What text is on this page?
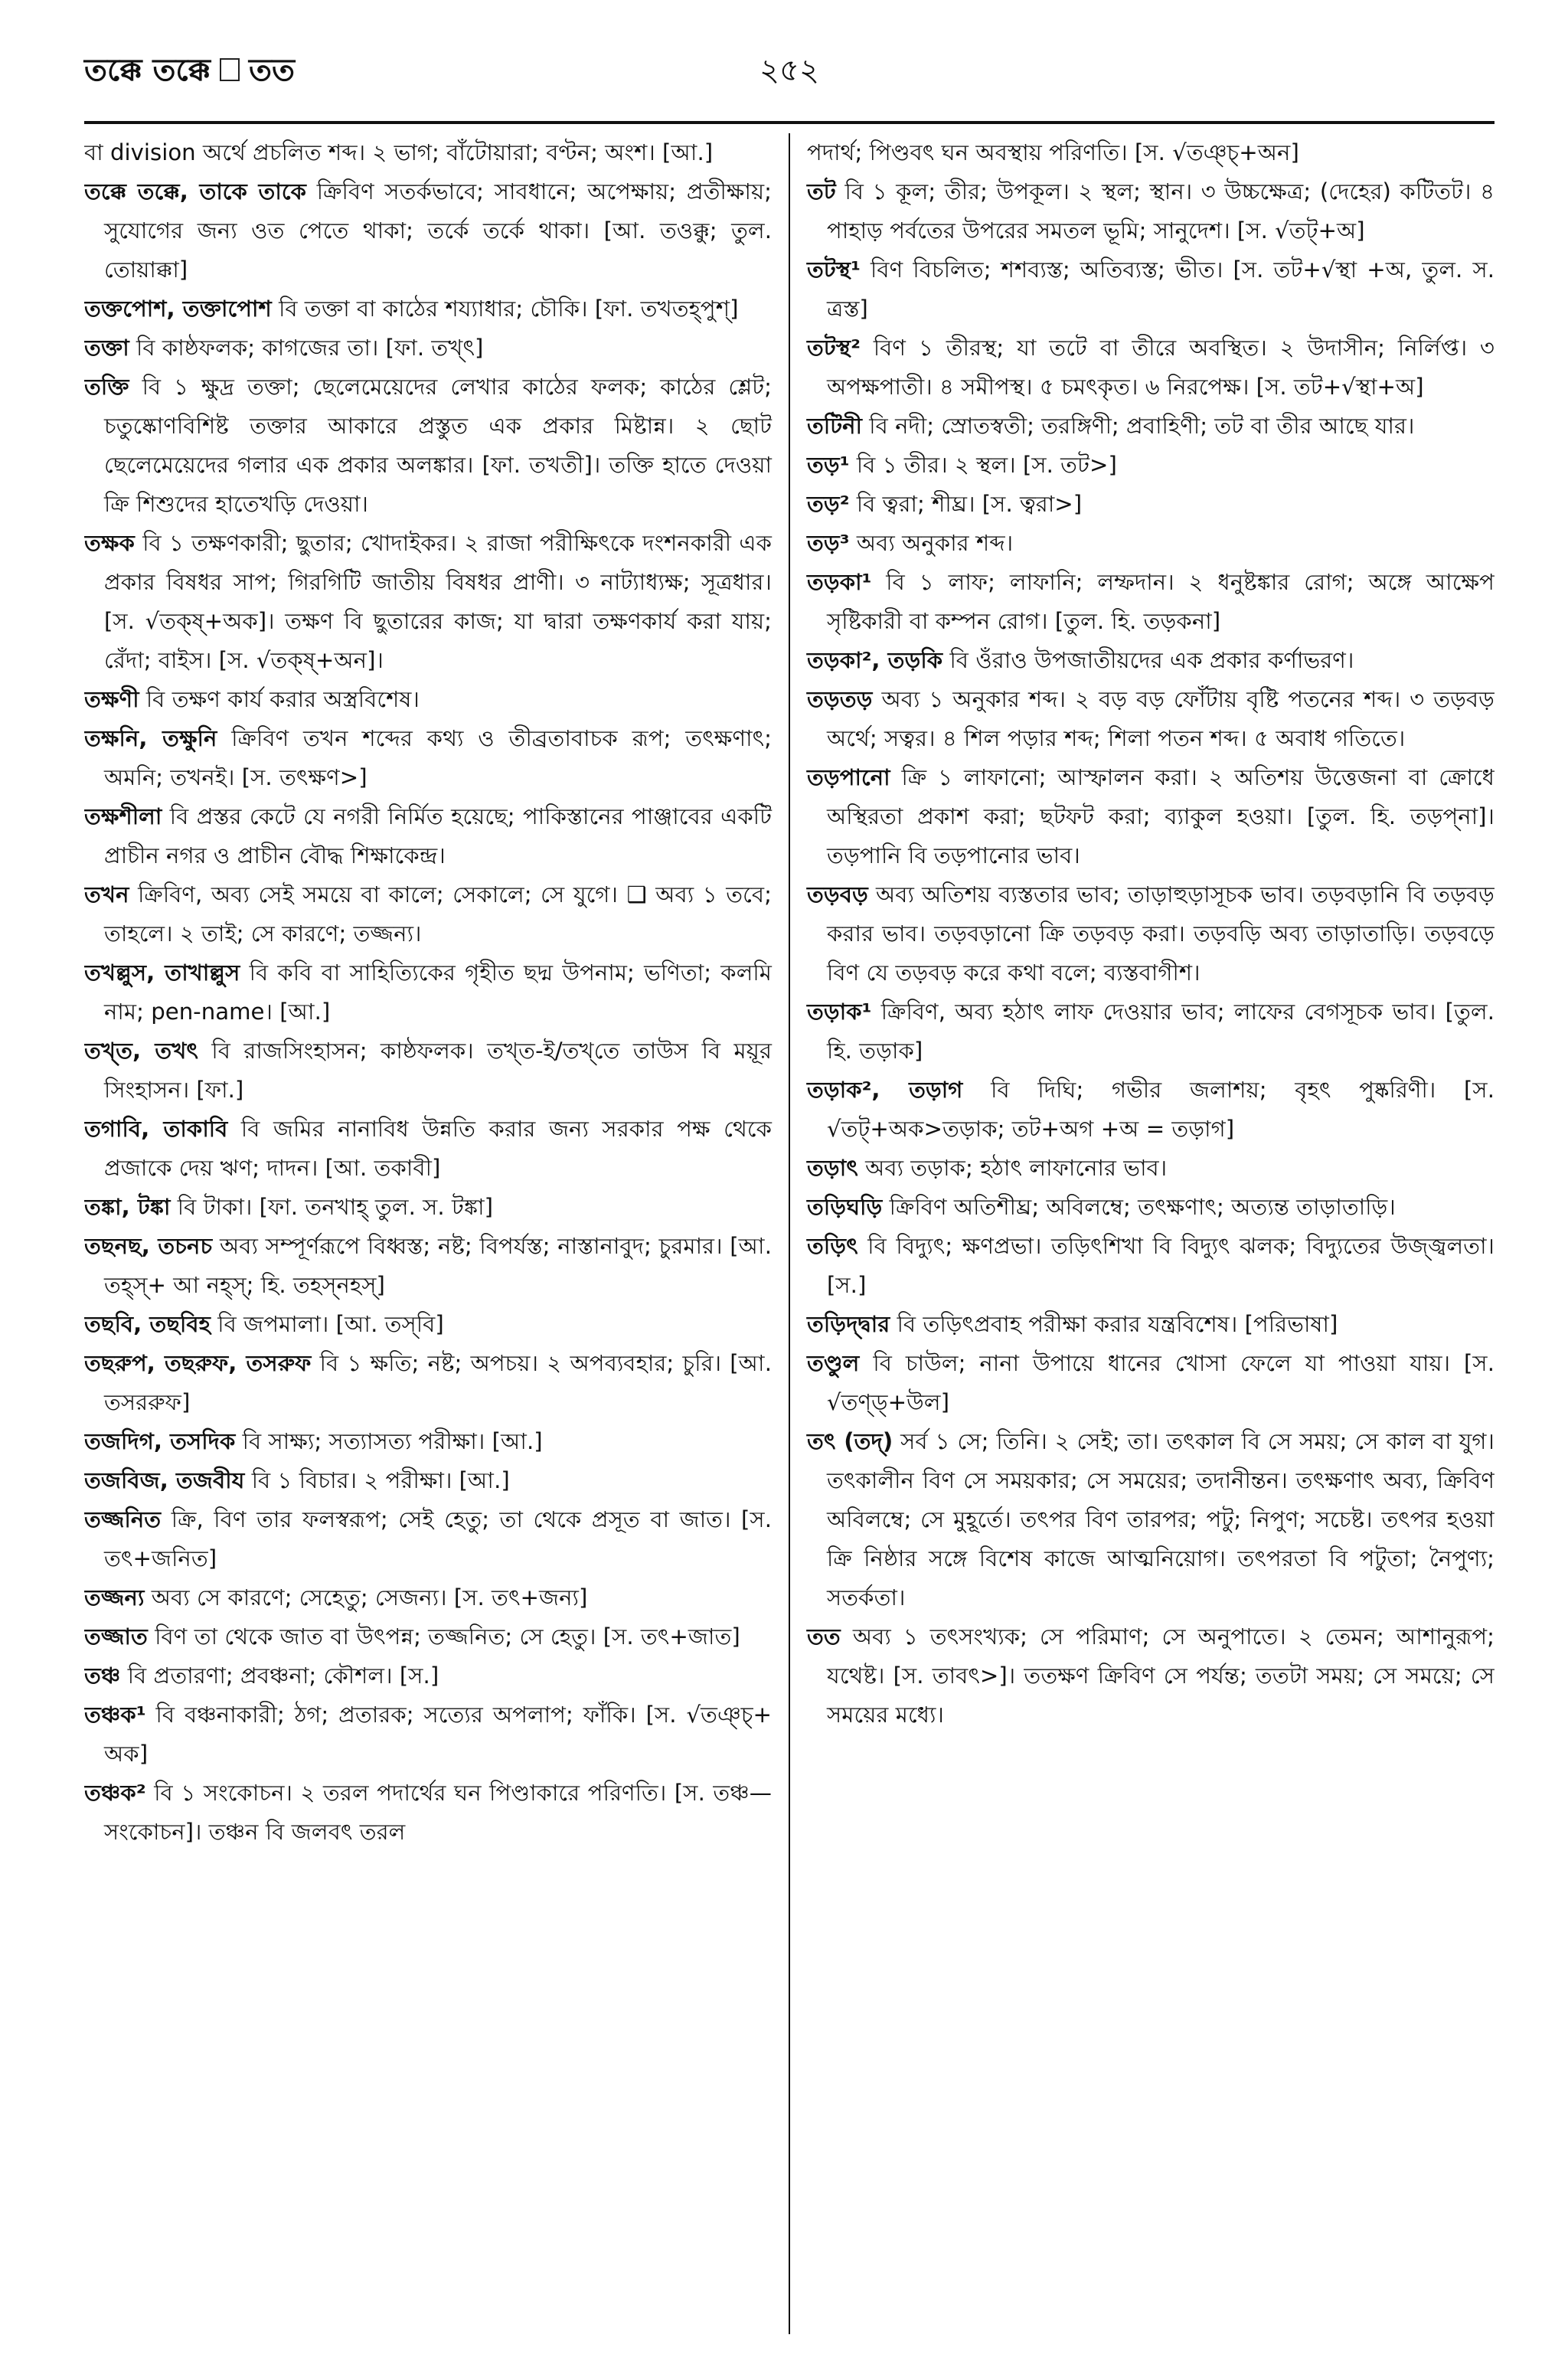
তক্কে তক্কে তত	২৫২

বা division অর্থে প্রচলিত শব্দ। ২ ভাগ; বাঁটোয়ারা; বণ্টন; অংশ। [আ.]

তক্কে তক্কে, তাকে তাকে ক্রিবিণ সতর্কভাবে; সাবধানে; অপেক্ষায়; প্রতীক্ষায়; সুযোগের জন্য ওত পেতে থাকা; তর্কে তর্কে থাকা। [আ. তওক্কু; তুল. তোয়াক্কা]

তক্তপোশ, তক্তাপোশ বি তক্তা বা কাঠের শয্যাধার; চৌকি। [ফা. তখতহ্‌পুশ্‌]

তক্তা বি কাষ্ঠফলক; কাগজের তা। [ফা. তখ্‌ৎ]

তক্তি বি ১ ক্ষুদ্র তক্তা; ছেলেমেয়েদের লেখার কাঠের ফলক; কাঠের শ্লেট; চতুষ্কোণবিশিষ্ট তক্তার আকারে প্রস্তুত এক প্রকার মিষ্টান্ন। ২ ছোট ছেলেমেয়েদের গলার এক প্রকার অলঙ্কার। [ফা. তখতী]। তক্তি হাতে দেওয়া ক্রি শিশুদের হাতেখড়ি দেওয়া।

তক্ষক বি ১ তক্ষণকারী; ছুতার; খোদাইকর। ২ রাজা পরীক্ষিৎকে দংশনকারী এক প্রকার বিষধর সাপ; গিরগিটি জাতীয় বিষধর প্রাণী। ৩ নাট্যাধ্যক্ষ; সূত্রধার। [স. √তক্ষ্‌+অক]। তক্ষণ বি ছুতারের কাজ; যা দ্বারা তক্ষণকার্য করা যায়; রেঁদা; বাইস। [স. √তক্ষ্‌+অন]।

তক্ষণী বি তক্ষণ কার্য করার অস্ত্রবিশেষ।

তক্ষনি, তক্ষুনি ক্রিবিণ তখন শব্দের কথ্য ও তীব্রতাবাচক রূপ; তৎক্ষণাৎ; অমনি; তখনই। [স. তৎক্ষণ>]

তক্ষশীলা বি প্রস্তর কেটে যে নগরী নির্মিত হয়েছে; পাকিস্তানের পাঞ্জাবের একটি প্রাচীন নগর ও প্রাচীন বৌদ্ধ শিক্ষাকেন্দ্র।

তখন ক্রিবিণ, অব্য সেই সময়ে বা কালে; সেকালে; সে যুগে। ❑ অব্য ১ তবে; তাহলে। ২ তাই; সে কারণে; তজ্জন্য।

তখল্লুস, তাখাল্লুস বি কবি বা সাহিত্যিকের গৃহীত ছদ্ম উপনাম; ভণিতা; কলমি নাম; pen-name। [আ.]

তখ্‌ত, তখৎ বি রাজসিংহাসন; কাষ্ঠফলক। তখ্‌ত-ই/তখ্‌তে তাউস বি ময়ূর সিংহাসন। [ফা.]

তগাবি, তাকাবি বি জমির নানাবিধ উন্নতি করার জন্য সরকার পক্ষ থেকে প্রজাকে দেয় ঋণ; দাদন। [আ. তকাবী]

তঙ্কা, টঙ্কা বি টাকা। [ফা. তনখাহ্‌ তুল. স. টঙ্কা]

তছনছ, তচনচ অব্য সম্পূর্ণরূপে বিধ্বস্ত; নষ্ট; বিপর্যস্ত; নাস্তানাবুদ; চুরমার। [আ. তহ্‌স্‌+ আ নহ্‌স্‌; হি. তহস্‌নহস্‌]

তছবি, তছবিহ বি জপমালা। [আ. তস্‌বি]

তছরুপ, তছরুফ, তসরুফ বি ১ ক্ষতি; নষ্ট; অপচয়। ২ অপব্যবহার; চুরি। [আ. তসররুফ]

তজদিগ, তসদিক বি সাক্ষ্য; সত্যাসত্য পরীক্ষা। [আ.]

তজবিজ, তজবীয বি ১ বিচার। ২ পরীক্ষা। [আ.]

তজ্জনিত ক্রি, বিণ তার ফলস্বরূপ; সেই হেতু; তা থেকে প্রসূত বা জাত। [স. তৎ+জনিত]

তজ্জন্য অব্য সে কারণে; সেহেতু; সেজন্য। [স. তৎ+জন্য]

তজ্জাত বিণ তা থেকে জাত বা উৎপন্ন; তজ্জনিত; সে হেতু। [স. তৎ+জাত]

তঞ্চ বি প্রতারণা; প্রবঞ্চনা; কৌশল। [স.]

তঞ্চক¹ বি বঞ্চনাকারী; ঠগ; প্রতারক; সত্যের অপলাপ; ফাঁকি। [স. √তঞ্চ্‌+ অক]

তঞ্চক² বি ১ সংকোচন। ২ তরল পদার্থের ঘন পিণ্ডাকারে পরিণতি। [স. তঞ্চ—সংকোচন]। তঞ্চন বি জলবৎ তরল

পদার্থ; পিণ্ডবৎ ঘন অবস্থায় পরিণতি। [স. √তঞ্চ্‌+অন]

তট বি ১ কূল; তীর; উপকূল। ২ স্থল; স্থান। ৩ উচ্চক্ষেত্র; (দেহের) কটিতট। ৪ পাহাড় পর্বতের উপরের সমতল ভূমি; সানুদেশ। [স. √তট্‌+অ]

তটস্থ¹ বিণ বিচলিত; শশব্যস্ত; অতিব্যস্ত; ভীত। [স. তট+√স্থা +অ, তুল. স. ত্রস্ত]

তটস্থ² বিণ ১ তীরস্থ; যা তটে বা তীরে অবস্থিত। ২ উদাসীন; নির্লিপ্ত। ৩ অপক্ষপাতী। ৪ সমীপস্থ। ৫ চমৎকৃত। ৬ নিরপেক্ষ। [স. তট+√স্থা+অ]

তটিনী বি নদী; স্রোতস্বতী; তরঙ্গিণী; প্রবাহিণী; তট বা তীর আছে যার।

তড়¹ বি ১ তীর। ২ স্থল। [স. তট>]

তড়² বি ত্বরা; শীঘ্র। [স. ত্বরা>]

তড়³ অব্য অনুকার শব্দ।

তড়কা¹ বি ১ লাফ; লাফানি; লম্ফদান। ২ ধনুষ্টঙ্কার রোগ; অঙ্গে আক্ষেপ সৃষ্টিকারী বা কম্পন রোগ। [তুল. হি. তড়কনা]

তড়কা², তড়কি বি ওঁরাও উপজাতীয়দের এক প্রকার কর্ণাভরণ।

তড়তড় অব্য ১ অনুকার শব্দ। ২ বড় বড় ফোঁটায় বৃষ্টি পতনের শব্দ। ৩ তড়বড় অর্থে; সত্বর। ৪ শিল পড়ার শব্দ; শিলা পতন শব্দ। ৫ অবাধ গতিতে।

তড়পানো ক্রি ১ লাফানো; আস্ফালন করা। ২ অতিশয় উত্তেজনা বা ক্রোধে অস্থিরতা প্রকাশ করা; ছটফট করা; ব্যাকুল হওয়া। [তুল. হি. তড়প্‌না]। তড়পানি বি তড়পানোর ভাব।

তড়বড় অব্য অতিশয় ব্যস্ততার ভাব; তাড়াহুড়াসূচক ভাব। তড়বড়ানি বি তড়বড় করার ভাব। তড়বড়ানো ক্রি তড়বড় করা। তড়বড়ি অব্য তাড়াতাড়ি। তড়বড়ে বিণ যে তড়বড় করে কথা বলে; ব্যস্তবাগীশ।

তড়াক¹ ক্রিবিণ, অব্য হঠাৎ লাফ দেওয়ার ভাব; লাফের বেগসূচক ভাব। [তুল. হি. তড়াক]

তড়াক², তড়াগ বি দিঘি; গভীর জলাশয়; বৃহৎ পুষ্করিণী। [স. √তট্‌+অক>তড়াক; তট+অগ +অ = তড়াগ]

তড়াৎ অব্য তড়াক; হঠাৎ লাফানোর ভাব।

তড়িঘড়ি ক্রিবিণ অতিশীঘ্র; অবিলম্বে; তৎক্ষণাৎ; অত্যন্ত তাড়াতাড়ি।

তড়িৎ বি বিদ্যুৎ; ক্ষণপ্রভা। তড়িৎশিখা বি বিদ্যুৎ ঝলক; বিদ্যুতের উজ্জ্বলতা। [স.]

তড়িদ্দ্বার বি তড়িৎপ্রবাহ পরীক্ষা করার যন্ত্রবিশেষ। [পরিভাষা]

তণ্ডুল বি চাউল; নানা উপায়ে ধানের খোসা ফেলে যা পাওয়া যায়। [স. √তণ্ড্‌+উল]

তৎ (তদ্‌) সর্ব ১ সে; তিনি। ২ সেই; তা। তৎকাল বি সে সময়; সে কাল বা যুগ। তৎকালীন বিণ সে সময়কার; সে সময়ের; তদানীন্তন। তৎক্ষণাৎ অব্য, ক্রিবিণ অবিলম্বে; সে মুহূর্তে। তৎপর বিণ তারপর; পটু; নিপুণ; সচেষ্ট। তৎপর হওয়া ক্রি নিষ্ঠার সঙ্গে বিশেষ কাজে আত্মনিয়োগ। তৎপরতা বি পটুতা; নৈপুণ্য; সতর্কতা।

তত অব্য ১ তৎসংখ্যক; সে পরিমাণ; সে অনুপাতে। ২ তেমন; আশানুরূপ; যথেষ্ট। [স. তাবৎ>]। ততক্ষণ ক্রিবিণ সে পর্যন্ত; ততটা সময়; সে সময়ে; সে সময়ের মধ্যে।
